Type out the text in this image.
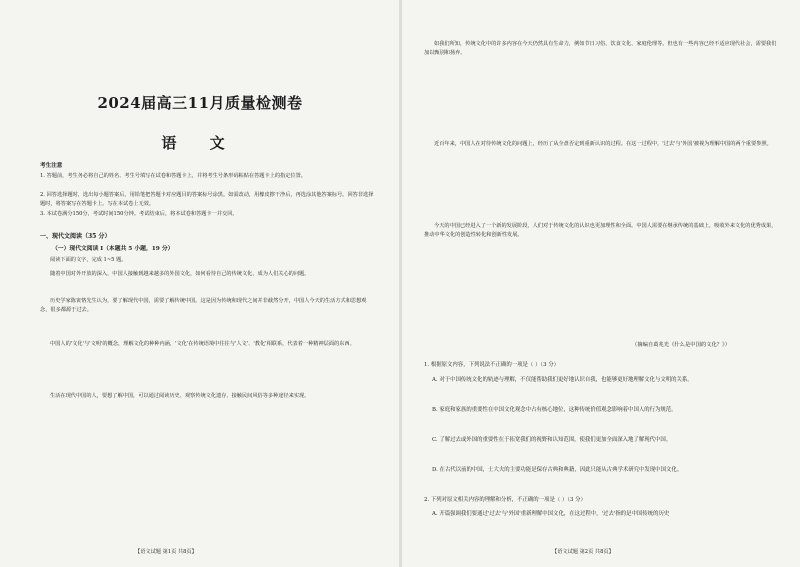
2024届高三11月质量检测卷
语 文
考生注意
1. 答题前，考生务必将自己的姓名、考生号填写在试卷和答题卡上，并将考生号条形码粘贴在答题卡上的指定位置。
2. 回答选择题时，选出每小题答案后，用铅笔把答题卡对应题目的答案标号涂黑。如需改动，用橡皮擦干净后，再选涂其他答案标号。回答非选择题时，将答案写在答题卡上。写在本试卷上无效。
3. 本试卷满分150分，考试时间150分钟。考试结束后，将本试卷和答题卡一并交回。
一、现代文阅读（35 分）
（一）现代文阅读 I（本题共 5 小题，19 分）
阅读下面的文字，完成 1~5 题。
随着中国对外开放的深入，中国人接触到越来越多的外国文化，如何看待自己的传统文化，成为人们关心的问题。
历史学家陈寅恪先生认为，要了解现代中国，需要了解传统中国。这是因为传统和现代之间并非截然分开，中国人今天的生活方式和思想观念，很多都源于过去。
中国人的'文化'与'文明'的概念，理解文化的种种内涵，'文化'在传统语境中往往与'人文'、'教化'相联系，代表着一种精神层面的东西。
生活在现代中国的人，要想了解中国，可以通过阅读历史、观察传统文化遗存、接触民间风俗等多种途径来实现。
【语文试题 第1页 共8页】
如我们所知，传统文化中的许多内容在今天仍然具有生命力，例如节日习俗、饮食文化、家庭伦理等。但也有一些内容已经不适应现代社会，需要我们加以甄别和扬弃。
近百年来，中国人在对待传统文化的问题上，经历了从全盘否定到重新认识的过程。在这一过程中，'过去'与'外国'被视为理解中国的两个重要参照。
今天的中国已经进入了一个新的发展阶段，人们对于传统文化的认识也更加理性和全面。中国人需要在继承传统的基础上，吸收外来文化的优秀成果，推动中华文化的创造性转化和创新性发展。
（摘编自葛兆光《什么是中国的文化？》）
1. 根据原文内容，下列说法不正确的一项是（ ）（3 分）
A. 对于中国传统文化的轨迹与理解，不仅能帮助我们更好地认识自我，也能够更好地理解文化与文明的关系。
B. 家庭和家族的重要性在中国文化观念中占有核心地位，这种传统价值观念影响着中国人的行为规范。
C. 了解过去或外国的重要性在于拓宽我们的视野和认知范围，使我们更加全面深入地了解现代中国。
D. 在古代以前的中国，士大夫的主要功能是保存古典和典籍，因此只能从古典学术研究中发现中国文化。
2. 下列对原文相关内容的理解和分析，不正确的一项是（ ）（3 分）
A. 开篇强调我们要通过'过去'与'外国'重新理解中国文化，在这过程中，'过去'指的是中国传统的历史
【语文试题 第2页 共8页】
